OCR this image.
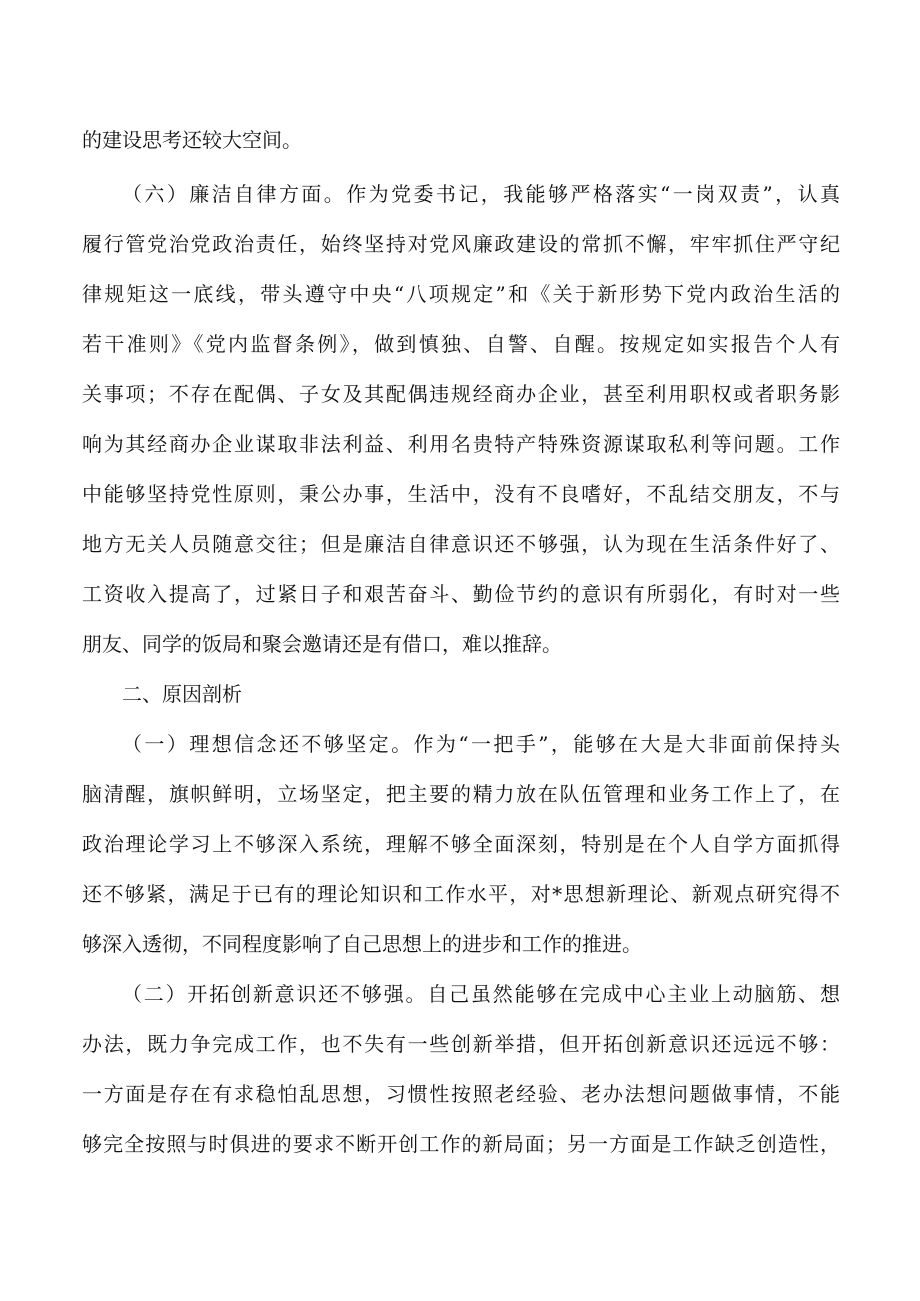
的建设思考还较大空间。
（六）廉洁自律方面。作为党委书记，我能够严格落实“一岗双责”，认真
履行管党治党政治责任，始终坚持对党风廉政建设的常抓不懈，牢牢抓住严守纪
律规矩这一底线，带头遵守中央“八项规定”和《关于新形势下党内政治生活的
若干准则》《党内监督条例》，做到慎独、自警、自醒。按规定如实报告个人有
关事项；不存在配偶、子女及其配偶违规经商办企业，甚至利用职权或者职务影
响为其经商办企业谋取非法利益、利用名贵特产特殊资源谋取私利等问题。工作
中能够坚持党性原则，秉公办事，生活中，没有不良嗜好，不乱结交朋友，不与
地方无关人员随意交往；但是廉洁自律意识还不够强，认为现在生活条件好了、
工资收入提高了，过紧日子和艰苦奋斗、勤俭节约的意识有所弱化，有时对一些
朋友、同学的饭局和聚会邀请还是有借口，难以推辞。
二、原因剖析
（一）理想信念还不够坚定。作为“一把手”，能够在大是大非面前保持头
脑清醒，旗帜鲜明，立场坚定，把主要的精力放在队伍管理和业务工作上了，在
政治理论学习上不够深入系统，理解不够全面深刻，特别是在个人自学方面抓得
还不够紧，满足于已有的理论知识和工作水平，对*思想新理论、新观点研究得不
够深入透彻，不同程度影响了自己思想上的进步和工作的推进。
（二）开拓创新意识还不够强。自己虽然能够在完成中心主业上动脑筋、想
办法，既力争完成工作，也不失有一些创新举措，但开拓创新意识还远远不够：
一方面是存在有求稳怕乱思想，习惯性按照老经验、老办法想问题做事情，不能
够完全按照与时俱进的要求不断开创工作的新局面；另一方面是工作缺乏创造性，
